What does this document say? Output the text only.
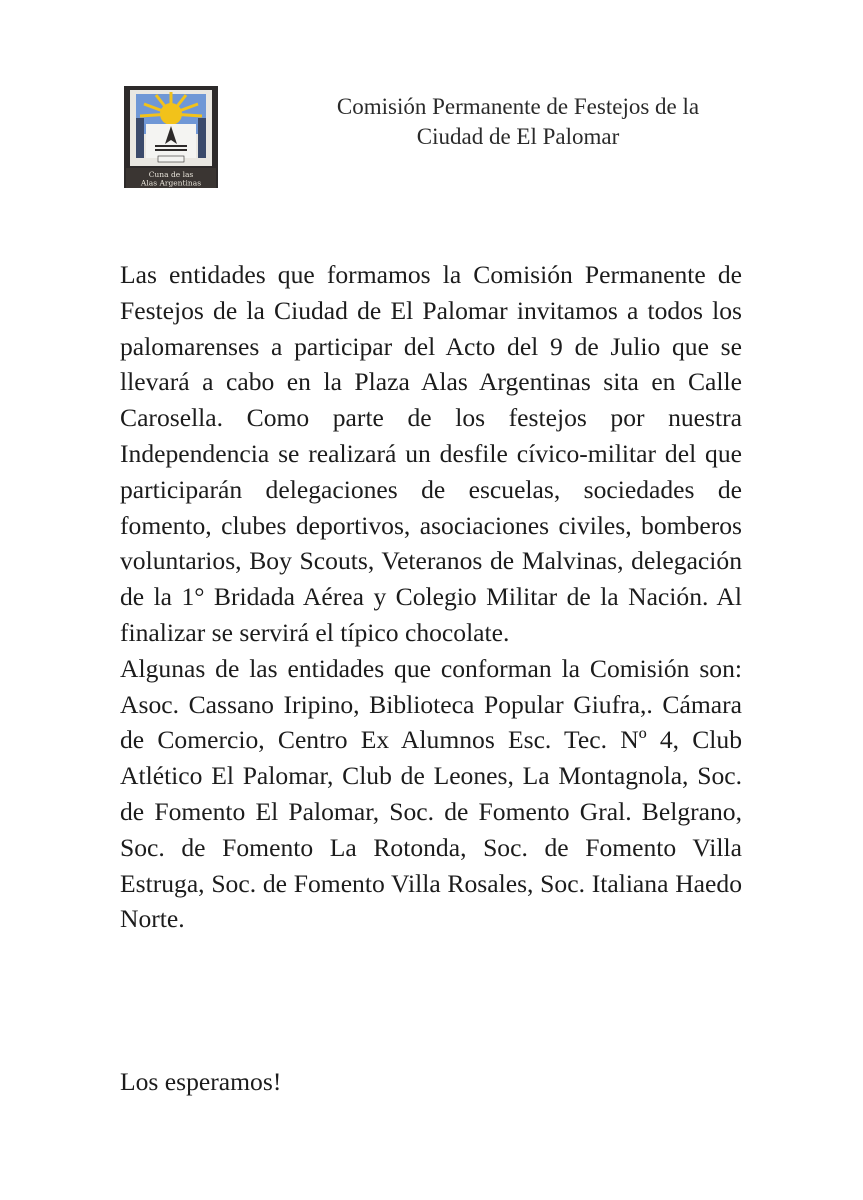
Cuna de las
Alas Argentinas
Comisión Permanente de Festejos de la
Ciudad de El Palomar

Las entidades que formamos la Comisión Permanente de Festejos de la Ciudad de El Palomar invitamos a todos los palomarenses a participar del Acto del 9 de Julio que se llevará a cabo en la Plaza Alas Argentinas sita en Calle Carosella. Como parte de los festejos por nuestra Independencia se realizará un desfile cívico-militar del que participarán delegaciones de escuelas, sociedades de fomento, clubes deportivos, asociaciones civiles, bomberos voluntarios, Boy Scouts, Veteranos de Malvinas, delegación de la 1° Bridada Aérea y Colegio Militar de la Nación. Al finalizar se servirá el típico chocolate.

Algunas de las entidades que conforman la Comisión son: Asoc. Cassano Iripino, Biblioteca Popular Giufra,. Cámara de Comercio, Centro Ex Alumnos Esc. Tec. Nº 4, Club Atlético El Palomar, Club de Leones, La Montagnola, Soc. de Fomento El Palomar, Soc. de Fomento Gral. Belgrano, Soc. de Fomento La Rotonda, Soc. de Fomento Villa Estruga, Soc. de Fomento Villa Rosales, Soc. Italiana Haedo Norte.

Los esperamos!
